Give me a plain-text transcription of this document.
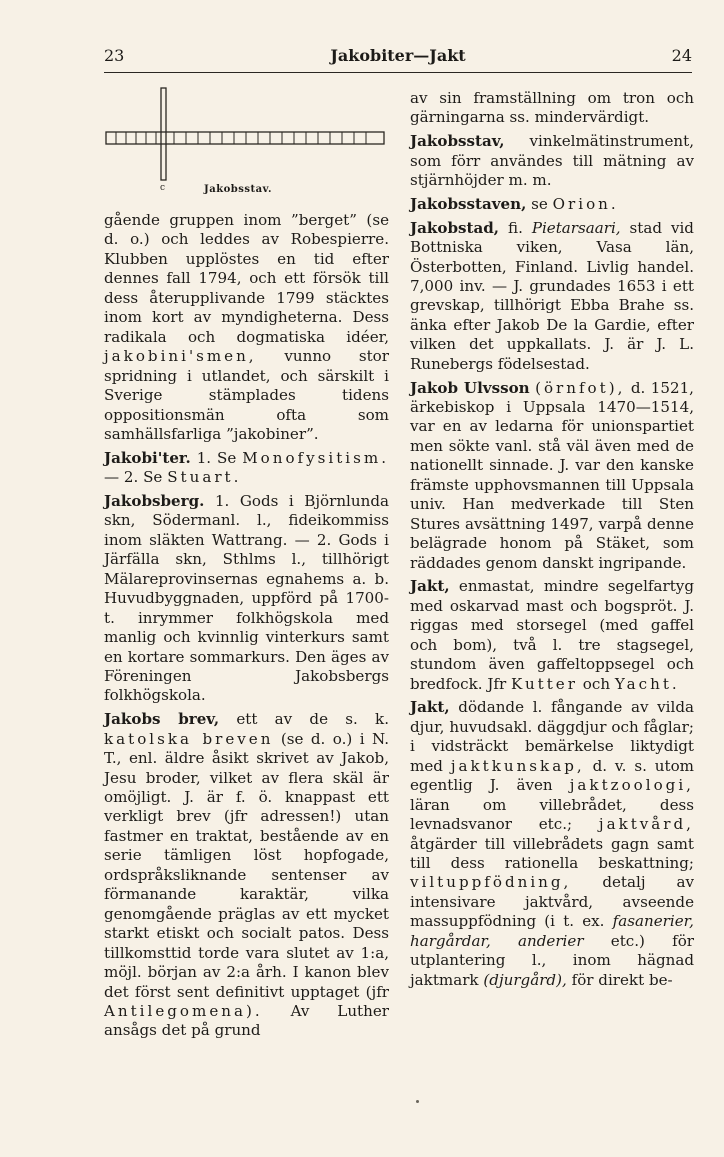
23	Jakobiter—Jakt	24
c	Jakobsstav.

gående gruppen inom ”berget” (se d. o.) och leddes av Robespierre. Klubben upplöstes en tid efter dennes fall 1794, och ett försök till dess återupplivande 1799 stäcktes inom kort av myndigheterna. Dess radikala och dogmatiska idéer, jakobini'smen, vunno stor spridning i utlandet, och särskilt i Sverige stämplades tidens oppositionsmän ofta som samhällsfarliga ”jakobiner”.

Jakobi'ter. 1. Se Monofysitism. — 2. Se Stuart.

Jakobsberg. 1. Gods i Björnlunda skn, Södermanl. l., fideikommiss inom släkten Wattrang. — 2. Gods i Järfälla skn, Sthlms l., tillhörigt Mälareprovinsernas egnahems a. b. Huvudbyggnaden, uppförd på 1700-t. inrymmer folkhögskola med manlig och kvinnlig vinterkurs samt en kortare sommarkurs. Den äges av Föreningen Jakobsbergs folkhögskola.

Jakobs brev, ett av de s. k. katolska breven (se d. o.) i N. T., enl. äldre åsikt skrivet av Jakob, Jesu broder, vilket av flera skäl är omöjligt. J. är f. ö. knappast ett verkligt brev (jfr adressen!) utan fastmer en traktat, bestående av en serie tämligen löst hopfogade, ordspråksliknande sentenser av förmanande karaktär, vilka genomgående präglas av ett mycket starkt etiskt och socialt patos. Dess tillkomsttid torde vara slutet av 1:a, möjl. början av 2:a årh. I kanon blev det först sent definitivt upptaget (jfr Antilegomena). Av Luther ansågs det på grund

av sin framställning om tron och gärningarna ss. mindervärdigt.

Jakobsstav, vinkelmätinstrument, som förr användes till mätning av stjärnhöjder m. m.

Jakobsstaven, se Orion.

Jakobstad, fi. Pietarsaari, stad vid Bottniska viken, Vasa län, Österbotten, Finland. Livlig handel. 7,000 inv. — J. grundades 1653 i ett grevskap, tillhörigt Ebba Brahe ss. änka efter Jakob De la Gardie, efter vilken det uppkallats. J. är J. L. Runebergs födelsestad.

Jakob Ulvsson (örnfot), d. 1521, ärkebiskop i Uppsala 1470—1514, var en av ledarna för unionspartiet men sökte vanl. stå väl även med de nationellt sinnade. J. var den kanske främste upphovsmannen till Uppsala univ. Han medverkade till Sten Stures avsättning 1497, varpå denne belägrade honom på Stäket, som räddades genom danskt ingripande.

Jakt, enmastat, mindre segelfartyg med oskarvad mast och bogspröt. J. riggas med storsegel (med gaffel och bom), två l. tre stagsegel, stundom även gaffeltoppsegel och bredfock. Jfr Kutter och Yacht.

Jakt, dödande l. fångande av vilda djur, huvudsakl. däggdjur och fåglar; i vidsträckt bemärkelse liktydigt med jaktkunskap, d. v. s. utom egentlig J. även jaktzoologi, läran om villebrådet, dess levnadsvanor etc.; jaktvård, åtgärder till villebrådets gagn samt till dess rationella beskattning; viltuppfödning, detalj av intensivare jaktvård, avseende massuppfödning (i t. ex. fasanerier, hargårdar, anderier etc.) för utplantering l., inom hägnad jaktmark (djurgård), för direkt be-
